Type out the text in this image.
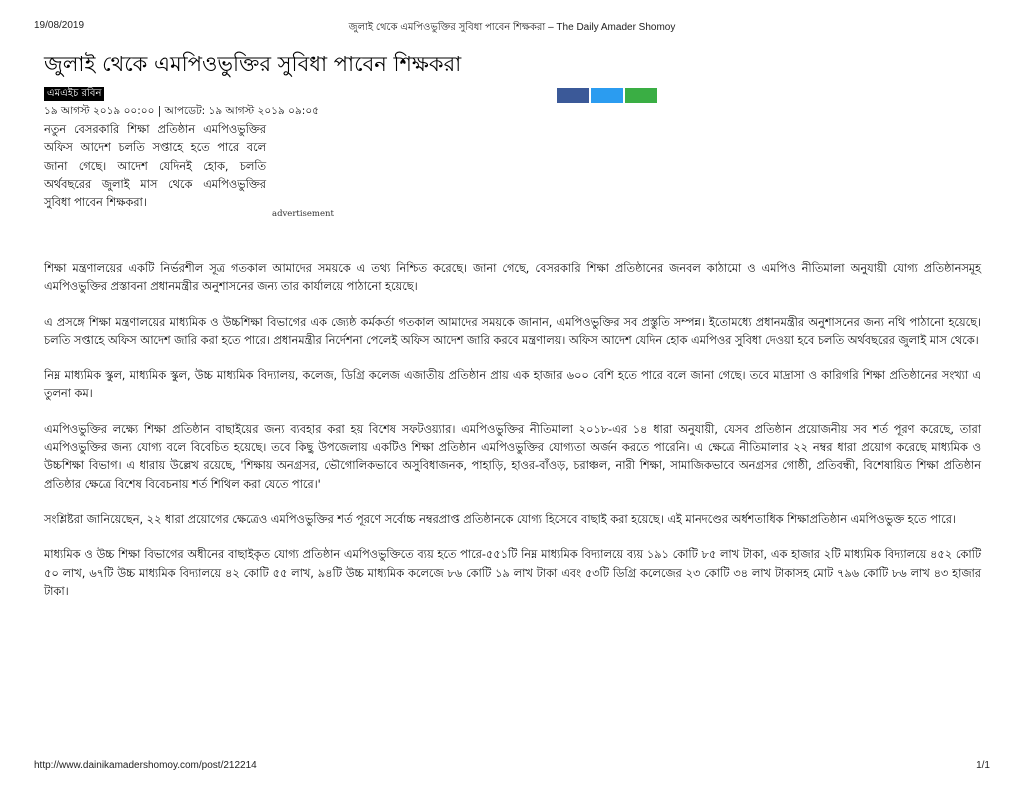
19/08/2019	জুলাই থেকে এমপিওভুক্তির সুবিধা পাবেন শিক্ষকরা – The Daily Amader Shomoy
জুলাই থেকে এমপিওভুক্তির সুবিধা পাবেন শিক্ষকরা
এমএইচ রবিন
১৯ আগস্ট ২০১৯ ০০:০০ | আপডেট: ১৯ আগস্ট ২০১৯ ০৯:০৫

নতুন বেসরকারি শিক্ষা প্রতিষ্ঠান এমপিওভুক্তির অফিস আদেশ চলতি সপ্তাহে হতে পারে বলে জানা গেছে। আদেশ যেদিনই হোক, চলতি অর্থবছরের জুলাই মাস থেকে এমপিওভুক্তির সুবিধা পাবেন শিক্ষকরা।

advertisement

শিক্ষা মন্ত্রণালয়ের একটি নির্ভরশীল সূত্র গতকাল আমাদের সময়কে এ তথ্য নিশ্চিত করেছে। জানা গেছে, বেসরকারি শিক্ষা প্রতিষ্ঠানের জনবল কাঠামো ও এমপিও নীতিমালা অনুযায়ী যোগ্য প্রতিষ্ঠানসমূহ এমপিওভুক্তির প্রস্তাবনা প্রধানমন্ত্রীর অনুশাসনের জন্য তার কার্যালয়ে পাঠানো হয়েছে।

এ প্রসঙ্গে শিক্ষা মন্ত্রণালয়ের মাধ্যমিক ও উচ্চশিক্ষা বিভাগের এক জ্যেষ্ঠ কর্মকর্তা গতকাল আমাদের সময়কে জানান, এমপিওভুক্তির সব প্রস্তুতি সম্পন্ন। ইতোমধ্যে প্রধানমন্ত্রীর অনুশাসনের জন্য নথি পাঠানো হয়েছে। চলতি সপ্তাহে অফিস আদেশ জারি করা হতে পারে। প্রধানমন্ত্রীর নির্দেশনা পেলেই অফিস আদেশ জারি করবে মন্ত্রণালয়। অফিস আদেশ যেদিন হোক এমপিওর সুবিধা দেওয়া হবে চলতি অর্থবছরের জুলাই মাস থেকে।

নিম্ন মাধ্যমিক স্কুল, মাধ্যমিক স্কুল, উচ্চ মাধ্যমিক বিদ্যালয়, কলেজ, ডিগ্রি কলেজ এজাতীয় প্রতিষ্ঠান প্রায় এক হাজার ৬০০ বেশি হতে পারে বলে জানা গেছে। তবে মাদ্রাসা ও কারিগরি শিক্ষা প্রতিষ্ঠানের সংখ্যা এ তুলনা কম।

এমপিওভুক্তির লক্ষ্যে শিক্ষা প্রতিষ্ঠান বাছাইয়ের জন্য ব্যবহার করা হয় বিশেষ সফটওয়্যার। এমপিওভুক্তির নীতিমালা ২০১৮-এর ১৪ ধারা অনুযায়ী, যেসব প্রতিষ্ঠান প্রয়োজনীয় সব শর্ত পূরণ করেছে, তারা এমপিওভুক্তির জন্য যোগ্য বলে বিবেচিত হয়েছে। তবে কিছু উপজেলায় একটিও শিক্ষা প্রতিষ্ঠান এমপিওভুক্তির যোগ্যতা অর্জন করতে পারেনি। এ ক্ষেত্রে নীতিমালার ২২ নম্বর ধারা প্রয়োগ করেছে মাধ্যমিক ও উচ্চশিক্ষা বিভাগ। এ ধারায় উল্লেখ রয়েছে, 'শিক্ষায় অনগ্রসর, ভৌগোলিকভাবে অসুবিধাজনক, পাহাড়ি, হাওর-বাঁওড়, চরাঞ্চল, নারী শিক্ষা, সামাজিকভাবে অনগ্রসর গোষ্ঠী, প্রতিবন্ধী, বিশেষায়িত শিক্ষা প্রতিষ্ঠান প্রতিষ্ঠার ক্ষেত্রে বিশেষ বিবেচনায় শর্ত শিথিল করা যেতে পারে।'

সংশ্লিষ্টরা জানিয়েছেন, ২২ ধারা প্রয়োগের ক্ষেত্রেও এমপিওভুক্তির শর্ত পূরণে সর্বোচ্চ নম্বরপ্রাপ্ত প্রতিষ্ঠানকে যোগ্য হিসেবে বাছাই করা হয়েছে। এই মানদণ্ডের অর্ধশতাধিক শিক্ষাপ্রতিষ্ঠান এমপিওভুক্ত হতে পারে।

মাধ্যমিক ও উচ্চ শিক্ষা বিভাগের অধীনের বাছাইকৃত যোগ্য প্রতিষ্ঠান এমপিওভুক্তিতে ব্যয় হতে পারে-৫৫১টি নিম্ন মাধ্যমিক বিদ্যালয়ে ব্যয় ১৯১ কোটি ৮৫ লাখ টাকা, এক হাজার ২টি মাধ্যমিক বিদ্যালয়ে ৪৫২ কোটি ৫০ লাখ, ৬৭টি উচ্চ মাধ্যমিক বিদ্যালয়ে ৪২ কোটি ৫৫ লাখ, ৯৪টি উচ্চ মাধ্যমিক কলেজে ৮৬ কোটি ১৯ লাখ টাকা এবং ৫৩টি ডিগ্রি কলেজের ২৩ কোটি ৩৪ লাখ টাকাসহ মোট ৭৯৬ কোটি ৮৬ লাখ ৪৩ হাজার টাকা।

http://www.dainikamadershomoy.com/post/212214	1/1
